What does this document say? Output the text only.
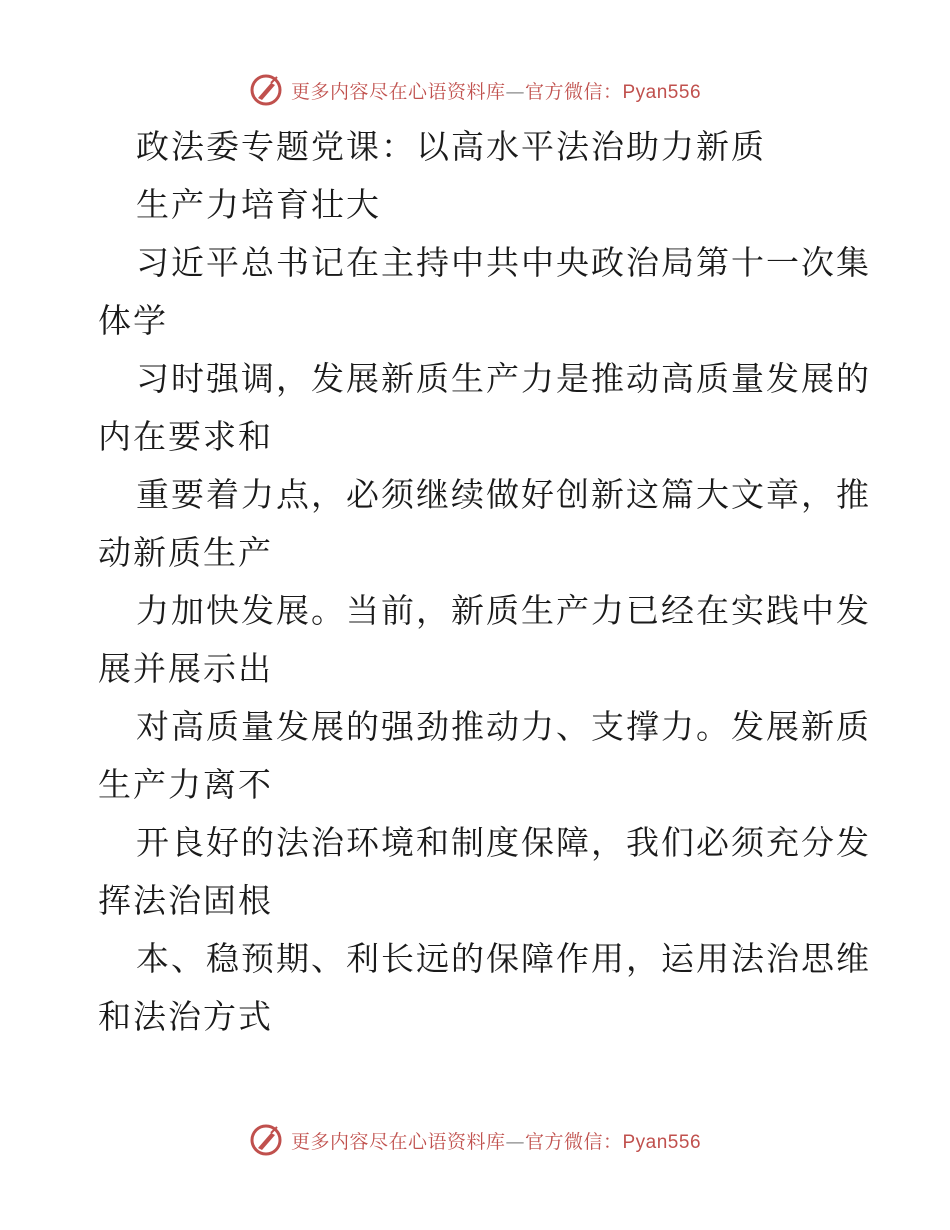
更多内容尽在心语资料库—官方微信：Pyan556
政法委专题党课：以高水平法治助力新质
生产力培育壮大
习近平总书记在主持中共中央政治局第十一次集
体学
习时强调，发展新质生产力是推动高质量发展的
内在要求和
重要着力点，必须继续做好创新这篇大文章，推
动新质生产
力加快发展。当前，新质生产力已经在实践中发
展并展示出
对高质量发展的强劲推动力、支撑力。发展新质
生产力离不
开良好的法治环境和制度保障，我们必须充分发
挥法治固根
本、稳预期、利长远的保障作用，运用法治思维
和法治方式
更多内容尽在心语资料库—官方微信：Pyan556
